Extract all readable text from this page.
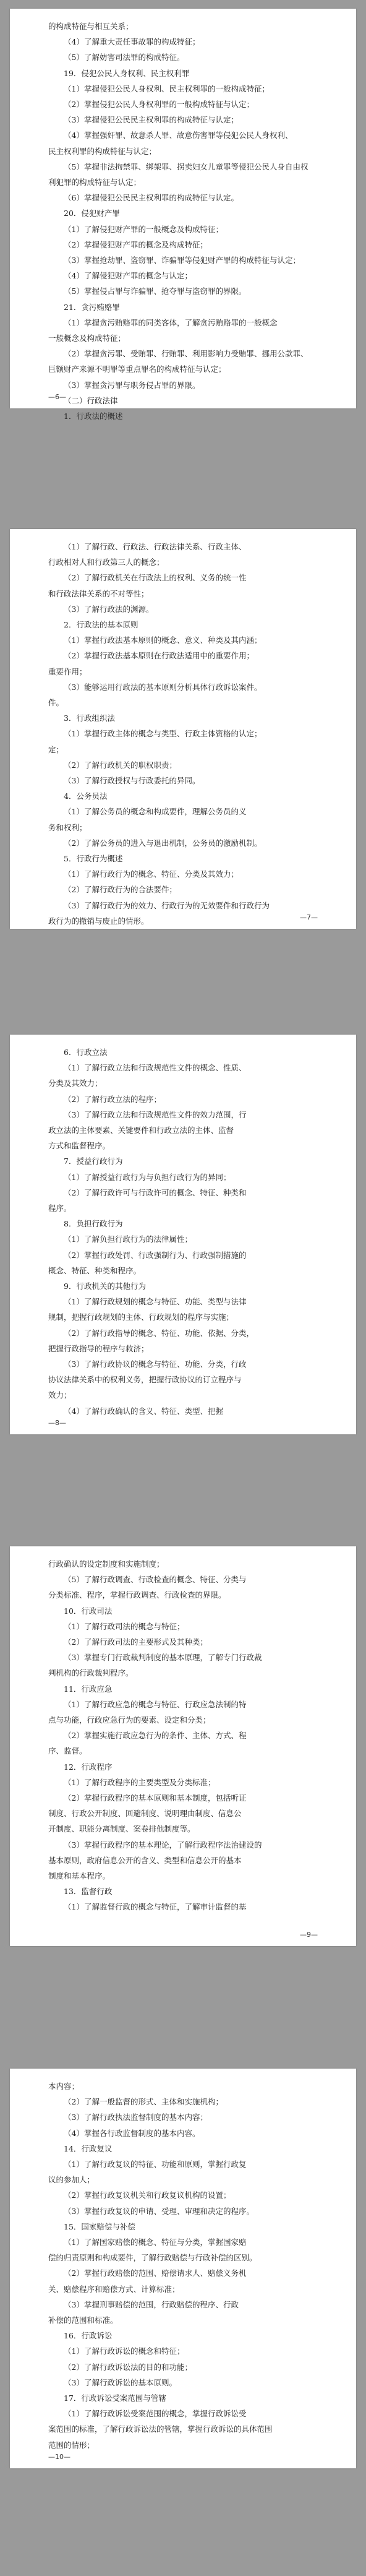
的构成特征与相互关系；
（4）了解重大责任事故罪的构成特征；
（5）了解妨害司法罪的构成特征。
19．侵犯公民人身权利、民主权利罪
（1）掌握侵犯公民人身权利、民主权利罪的一般构成特征；
（2）掌握侵犯公民人身权利罪的一般构成特征与认定；
（3）掌握侵犯公民民主权利罪的构成特征与认定；
（4）掌握强奸罪、故意杀人罪、故意伤害罪等侵犯公民人身权利、
民主权利罪的构成特征与认定；
（5）掌握非法拘禁罪、绑架罪、拐卖妇女儿童罪等侵犯公民人身自由权
利犯罪的构成特征与认定；
（6）掌握侵犯公民民主权利罪的构成特征与认定。
20．侵犯财产罪
（1）了解侵犯财产罪的一般概念及构成特征；
（2）掌握侵犯财产罪的概念及构成特征；
（3）掌握抢劫罪、盗窃罪、诈骗罪等侵犯财产罪的构成特征与认定；
（4）了解侵犯财产罪的概念与认定；
（5）掌握侵占罪与诈骗罪、抢夺罪与盗窃罪的界限。
21．贪污贿赂罪
（1）掌握贪污贿赂罪的同类客体，了解贪污贿赂罪的一般概念
一般概念及构成特征；
（2）掌握贪污罪、受贿罪、行贿罪、利用影响力受贿罪、挪用公款罪、
巨额财产来源不明罪等重点罪名的构成特征与认定；
（3）掌握贪污罪与职务侵占罪的界限。
（二）行政法律
1．行政法的概述
—6—
（1）了解行政、行政法、行政法律关系、行政主体、
行政相对人和行政第三人的概念；
（2）了解行政机关在行政法上的权利、义务的统一性
和行政法律关系的不对等性；
（3）了解行政法的渊源。
2．行政法的基本原则
（1）掌握行政法基本原则的概念、意义、种类及其内涵；
（2）掌握行政法基本原则在行政法适用中的重要作用；
重要作用；
（3）能够运用行政法的基本原则分析具体行政诉讼案件。
件。
3．行政组织法
（1）掌握行政主体的概念与类型、行政主体资格的认定；
定；
（2）了解行政机关的职权职责；
（3）了解行政授权与行政委托的异同。
4．公务员法
（1）了解公务员的概念和构成要件，理解公务员的义
务和权利；
（2）了解公务员的进入与退出机制，公务员的激励机制。
5．行政行为概述
（1）了解行政行为的概念、特征、分类及其效力；
（2）了解行政行为的合法要件；
（3）了解行政行为的效力、行政行为的无效要件和行政行为
政行为的撤销与废止的情形。	—7—
6．行政立法
（1）了解行政立法和行政规范性文件的概念、性质、
分类及其效力；
（2）了解行政立法的程序；
（3）了解行政立法和行政规范性文件的效力范围，行
政立法的主体要素、关键要件和行政立法的主体、监督
方式和监督程序。
7．授益行政行为
（1）了解授益行政行为与负担行政行为的异同；
（2）了解行政许可与行政许可的概念、特征、种类和
程序。
8．负担行政行为
（1）了解负担行政行为的法律属性；
（2）掌握行政处罚、行政强制行为、行政强制措施的
概念、特征、种类和程序。
9．行政机关的其他行为
（1）了解行政规划的概念与特征、功能、类型与法律
规制，把握行政规划的主体、行政规划的程序与实施；
（2）了解行政指导的概念、特征、功能、依据、分类，
把握行政指导的程序与救济；
（3）了解行政协议的概念与特征、功能、分类，行政
协议法律关系中的权利义务，把握行政协议的订立程序与
效力；
（4）了解行政确认的含义、特征、类型、把握
—8—
行政确认的设定制度和实施制度；
（5）了解行政调查、行政检查的概念、特征、分类与
分类标准、程序，掌握行政调查、行政检查的界限。
10．行政司法
（1）了解行政司法的概念与特征；
（2）了解行政司法的主要形式及其种类；
（3）掌握专门行政裁判制度的基本原理，了解专门行政裁
判机构的行政裁判程序。
11．行政应急
（1）了解行政应急的概念与特征、行政应急法制的特
点与功能，行政应急行为的要素、设定和分类；
（2）掌握实施行政应急行为的条件、主体、方式、程
序、监督。
12．行政程序
（1）了解行政程序的主要类型及分类标准；
（2）掌握行政程序的基本原则和基本制度，包括听证
制度、行政公开制度、回避制度、说明理由制度、信息公
开制度、职能分离制度、案卷排他制度等。
（3）掌握行政程序的基本理论，了解行政程序法治建设的
基本原则，政府信息公开的含义、类型和信息公开的基本
制度和基本程序。
13．监督行政
（1）了解监督行政的概念与特征，了解审计监督的基
—9—
本内容；
（2）了解一般监督的形式、主体和实施机构；
（3）了解行政执法监督制度的基本内容；
（4）掌握各行政监督制度的基本内容。
14．行政复议
（1）了解行政复议的特征、功能和原则，掌握行政复
议的参加人；
（2）掌握行政复议机关和行政复议机构的设置；
（3）掌握行政复议的申请、受理、审理和决定的程序。
15．国家赔偿与补偿
（1）了解国家赔偿的概念、特征与分类，掌握国家赔
偿的归责原则和构成要件，了解行政赔偿与行政补偿的区别。
（2）掌握行政赔偿的范围、赔偿请求人、赔偿义务机
关、赔偿程序和赔偿方式、计算标准；
（3）掌握刑事赔偿的范围，行政赔偿的程序、行政
补偿的范围和标准。
16．行政诉讼
（1）了解行政诉讼的概念和特征；
（2）了解行政诉讼法的目的和功能；
（3）了解行政诉讼的基本原则。
17．行政诉讼受案范围与管辖
（1）了解行政诉讼受案范围的概念，掌握行政诉讼受
案范围的标准，了解行政诉讼法的管辖，掌握行政诉讼的具体范围
范围的情形；
—10—
